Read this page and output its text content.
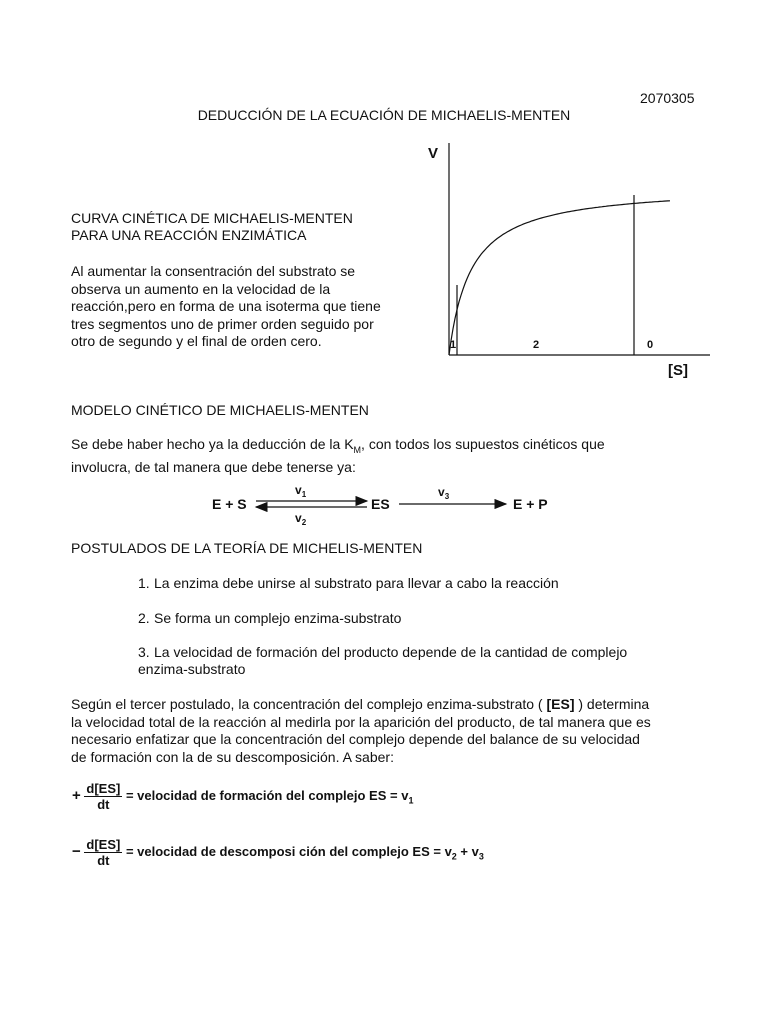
2070305
DEDUCCIÓN DE LA ECUACIÓN DE MICHAELIS-MENTEN
CURVA CINÉTICA DE MICHAELIS-MENTEN
PARA UNA REACCIÓN ENZIMÁTICA
Al aumentar la consentración del substrato se
observa un aumento en la velocidad de la
reacción,pero en forma de una isoterma que tiene
tres segmentos uno de primer orden seguido por
otro de segundo y el final de orden cero.
V
1	2	0
[S]
MODELO CINÉTICO DE MICHAELIS-MENTEN
Se debe haber hecho ya la deducción de la $K_M$, con todos los supuestos cinéticos que
involucra, de tal manera que debe tenerse ya:
E + S
$v_1$
$v_2$
ES
$v_3$	E + P
POSTULADOS DE LA TEORÍA DE MICHELIS-MENTEN
1. La enzima debe unirse al substrato para llevar a cabo la reacción
2. Se forma un complejo enzima-substrato
3. La velocidad de formación del producto depende de la cantidad de complejo
enzima-substrato
Según el tercer postulado, la concentración del complejo enzima-substrato ( [ES] ) determina
la velocidad total de la reacción al medirla por la aparición del producto, de tal manera que es
necesario enfatizar que la concentración del complejo depende del balance de su velocidad
de formación con la de su descomposición. A saber:
+ $\frac{d[ES]}{dt}$ = velocidad de formación del complejo ES = $v_1$
− $\frac{d[ES]}{dt}$ = velocidad de descomposi ción del complejo ES = $v_2 + v_3$
